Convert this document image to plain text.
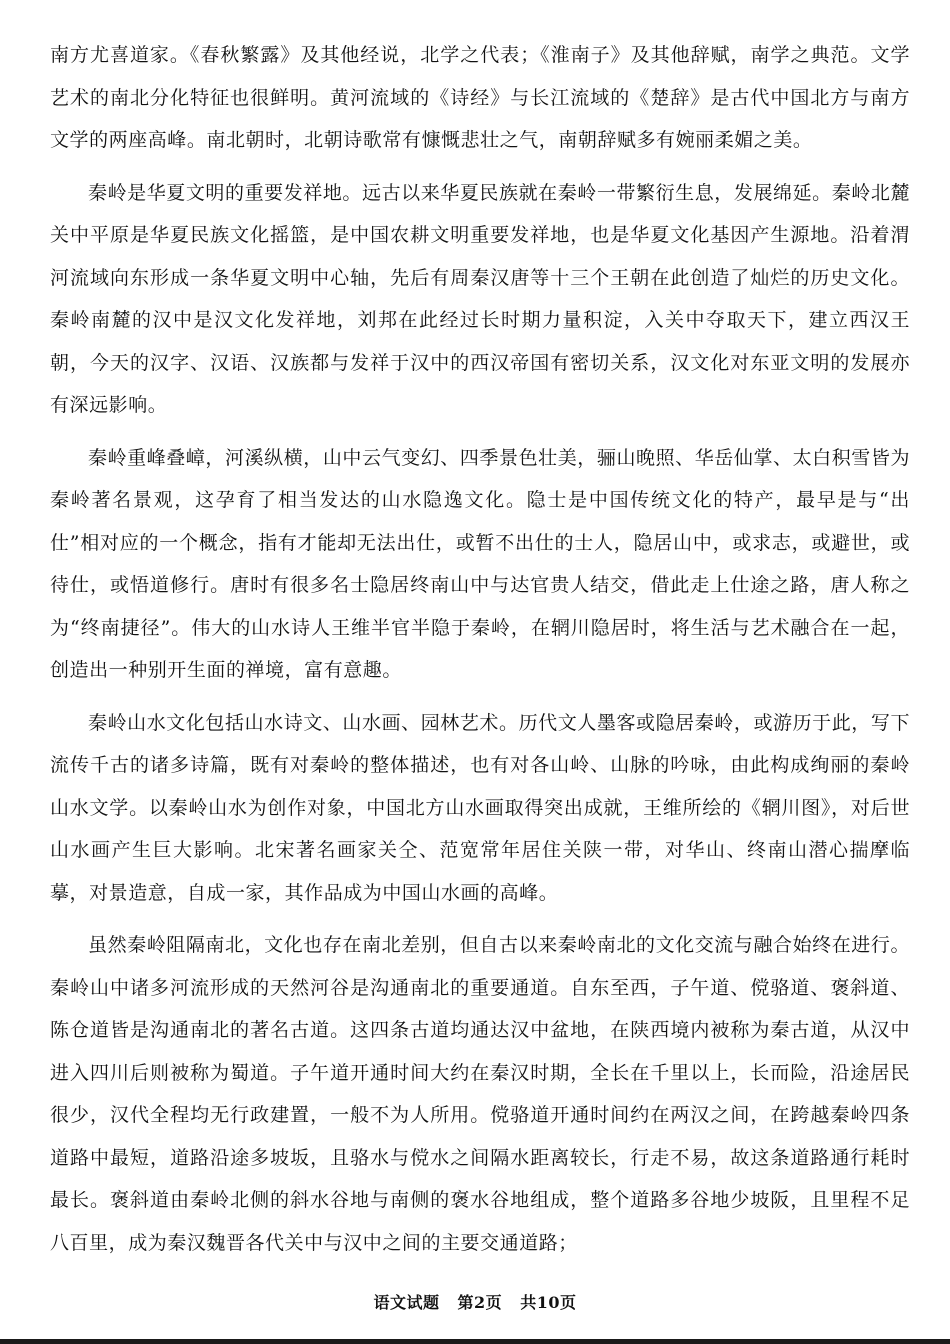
南方尤喜道家。《春秋繁露》及其他经说，北学之代表；《淮南子》及其他辞赋，南学之典范。文学艺术的南北分化特征也很鲜明。黄河流域的《诗经》与长江流域的《楚辞》是古代中国北方与南方文学的两座高峰。南北朝时，北朝诗歌常有慷慨悲壮之气，南朝辞赋多有婉丽柔媚之美。

秦岭是华夏文明的重要发祥地。远古以来华夏民族就在秦岭一带繁衍生息，发展绵延。秦岭北麓关中平原是华夏民族文化摇篮，是中国农耕文明重要发祥地，也是华夏文化基因产生源地。沿着渭河流域向东形成一条华夏文明中心轴，先后有周秦汉唐等十三个王朝在此创造了灿烂的历史文化。秦岭南麓的汉中是汉文化发祥地，刘邦在此经过长时期力量积淀，入关中夺取天下，建立西汉王朝，今天的汉字、汉语、汉族都与发祥于汉中的西汉帝国有密切关系，汉文化对东亚文明的发展亦有深远影响。

秦岭重峰叠嶂，河溪纵横，山中云气变幻、四季景色壮美，骊山晚照、华岳仙掌、太白积雪皆为秦岭著名景观，这孕育了相当发达的山水隐逸文化。隐士是中国传统文化的特产，最早是与“出仕”相对应的一个概念，指有才能却无法出仕，或暂不出仕的士人，隐居山中，或求志，或避世，或待仕，或悟道修行。唐时有很多名士隐居终南山中与达官贵人结交，借此走上仕途之路，唐人称之为“终南捷径”。伟大的山水诗人王维半官半隐于秦岭，在辋川隐居时，将生活与艺术融合在一起，创造出一种别开生面的禅境，富有意趣。

秦岭山水文化包括山水诗文、山水画、园林艺术。历代文人墨客或隐居秦岭，或游历于此，写下流传千古的诸多诗篇，既有对秦岭的整体描述，也有对各山岭、山脉的吟咏，由此构成绚丽的秦岭山水文学。以秦岭山水为创作对象，中国北方山水画取得突出成就，王维所绘的《辋川图》，对后世山水画产生巨大影响。北宋著名画家关仝、范宽常年居住关陕一带，对华山、终南山潜心揣摩临摹，对景造意，自成一家，其作品成为中国山水画的高峰。

虽然秦岭阻隔南北，文化也存在南北差别，但自古以来秦岭南北的文化交流与融合始终在进行。秦岭山中诸多河流形成的天然河谷是沟通南北的重要通道。自东至西，子午道、傥骆道、褒斜道、陈仓道皆是沟通南北的著名古道。这四条古道均通达汉中盆地，在陕西境内被称为秦古道，从汉中进入四川后则被称为蜀道。子午道开通时间大约在秦汉时期，全长在千里以上，长而险，沿途居民很少，汉代全程均无行政建置，一般不为人所用。傥骆道开通时间约在两汉之间，在跨越秦岭四条道路中最短，道路沿途多坡坂，且骆水与傥水之间隔水距离较长，行走不易，故这条道路通行耗时最长。褒斜道由秦岭北侧的斜水谷地与南侧的褒水谷地组成，整个道路多谷地少坡阪，且里程不足八百里，成为秦汉魏晋各代关中与汉中之间的主要交通道路；

语文试题 第2页 共10页
